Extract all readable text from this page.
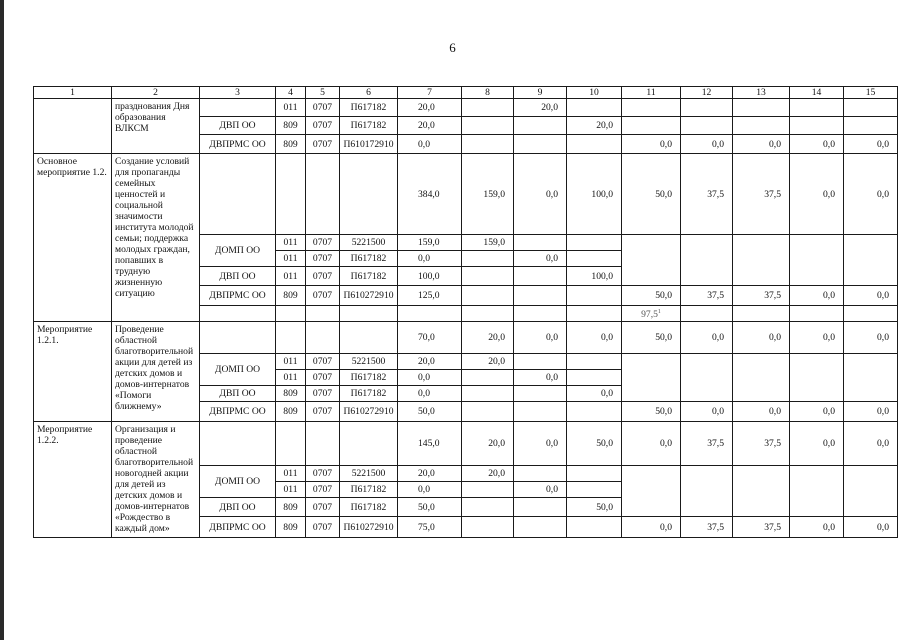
6
1	2	3	4	5	6	7	8	9	10	11	12	13	14	15
	празднования Дня образования ВЛКСМ		011	0707	П617182	20,0		20,0						
		ДВП ОО	809	0707	П617182	20,0			20,0					
		ДВПРМС ОО	809	0707	П610172910	0,0				0,0	0,0	0,0	0,0	0,0
Основное мероприятие 1.2.	Создание условий для пропаганды семейных ценностей и социальной значимости института молодой семьи; поддержка молодых граждан, попавших в трудную жизненную ситуацию					384,0	159,0	0,0	100,0	50,0	37,5	37,5	0,0	0,0
		ДОМП ОО	011	0707	5221500	159,0	159,0							
			011	0707	П617182	0,0		0,0						
		ДВП ОО	011	0707	П617182	100,0			100,0					
		ДВПРМС ОО	809	0707	П610272910	125,0				50,0	37,5	37,5	0,0	0,0
										97,5$^1$				
Мероприятие 1.2.1.	Проведение областной благотворительной акции для детей из детских домов и домов-интернатов «Помоги ближнему»					70,0	20,0	0,0	0,0	50,0	0,0	0,0	0,0	0,0
		ДОМП ОО	011	0707	5221500	20,0	20,0							
			011	0707	П617182	0,0		0,0						
		ДВП ОО	809	0707	П617182	0,0			0,0					
		ДВПРМС ОО	809	0707	П610272910	50,0				50,0	0,0	0,0	0,0	0,0
Мероприятие 1.2.2.	Организация и проведение областной благотворительной новогодней акции для детей из детских домов и домов-интернатов «Рождество в каждый дом»					145,0	20,0	0,0	50,0	0,0	37,5	37,5	0,0	0,0
		ДОМП ОО	011	0707	5221500	20,0	20,0							
			011	0707	П617182	0,0		0,0						
		ДВП ОО	809	0707	П617182	50,0			50,0					
		ДВПРМС ОО	809	0707	П610272910	75,0				0,0	37,5	37,5	0,0	0,0
